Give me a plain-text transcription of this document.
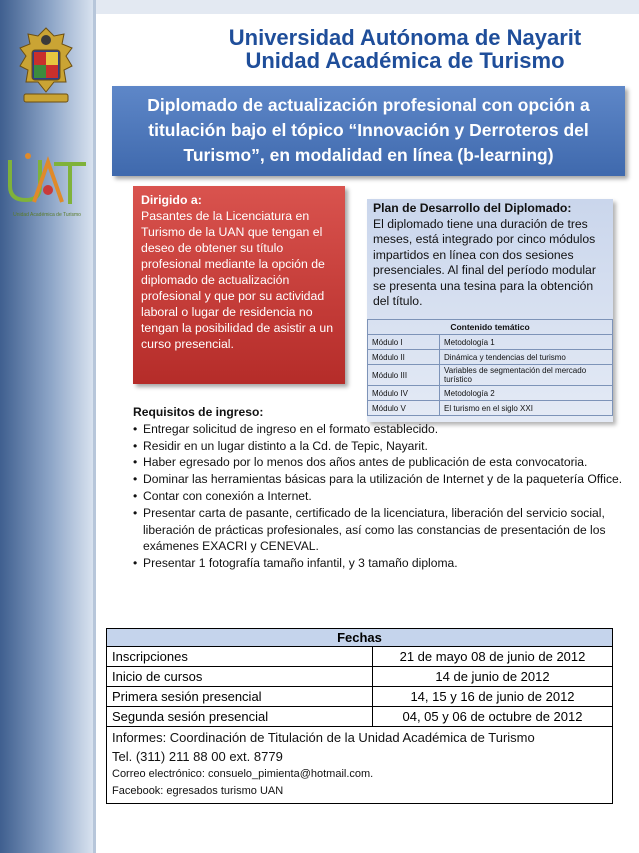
Unidad Académica de Turismo
Universidad Autónoma de Nayarit
Unidad Académica de Turismo
Diplomado de actualización profesional con opción a titulación bajo el tópico “Innovación y Derroteros del Turismo”, en modalidad en línea (b-learning)
Dirigido a:
Pasantes de la Licenciatura en Turismo de la UAN que tengan el deseo de obtener su título profesional mediante la opción de diplomado de actualización profesional y que por su actividad laboral o lugar de residencia no tengan la posibilidad de asistir a un curso presencial.
Plan de Desarrollo del Diplomado:
El diplomado tiene una duración de tres meses, está integrado por cinco módulos impartidos en línea con dos sesiones presenciales. Al final del período modular se presenta una tesina para la obtención del título.
Contenido temático	
Módulo I	Metodología 1
Módulo II	Dinámica y tendencias del turismo
Módulo III	Variables de segmentación del mercado turístico
Módulo IV	Metodología 2
Módulo V	El turismo en el siglo XXI
Requisitos de ingreso:
• Entregar solicitud de ingreso en el formato establecido.
• Residir en un lugar distinto a la Cd. de Tepic, Nayarit.
• Haber egresado por lo menos dos años antes de publicación de esta convocatoria.
• Dominar las herramientas básicas para la utilización de Internet y de la paquetería Office.
• Contar con conexión a Internet.
• Presentar carta de pasante, certificado de la licenciatura, liberación del servicio social, liberación de prácticas profesionales, así como las constancias de presentación de los exámenes EXACRI y CENEVAL.
• Presentar 1 fotografía tamaño infantil, y 3 tamaño diploma.
Fechas
Inscripciones	21 de mayo 08 de junio de 2012
Inicio de cursos	14 de junio de 2012
Primera sesión presencial	14, 15 y 16 de junio de 2012
Segunda sesión presencial	04, 05 y 06 de octubre de 2012
Informes: Coordinación de Titulación de la Unidad Académica de Turismo
Tel. (311) 211 88 00 ext. 8779
Correo electrónico: consuelo_pimienta@hotmail.com.
Facebook: egresados turismo UAN
